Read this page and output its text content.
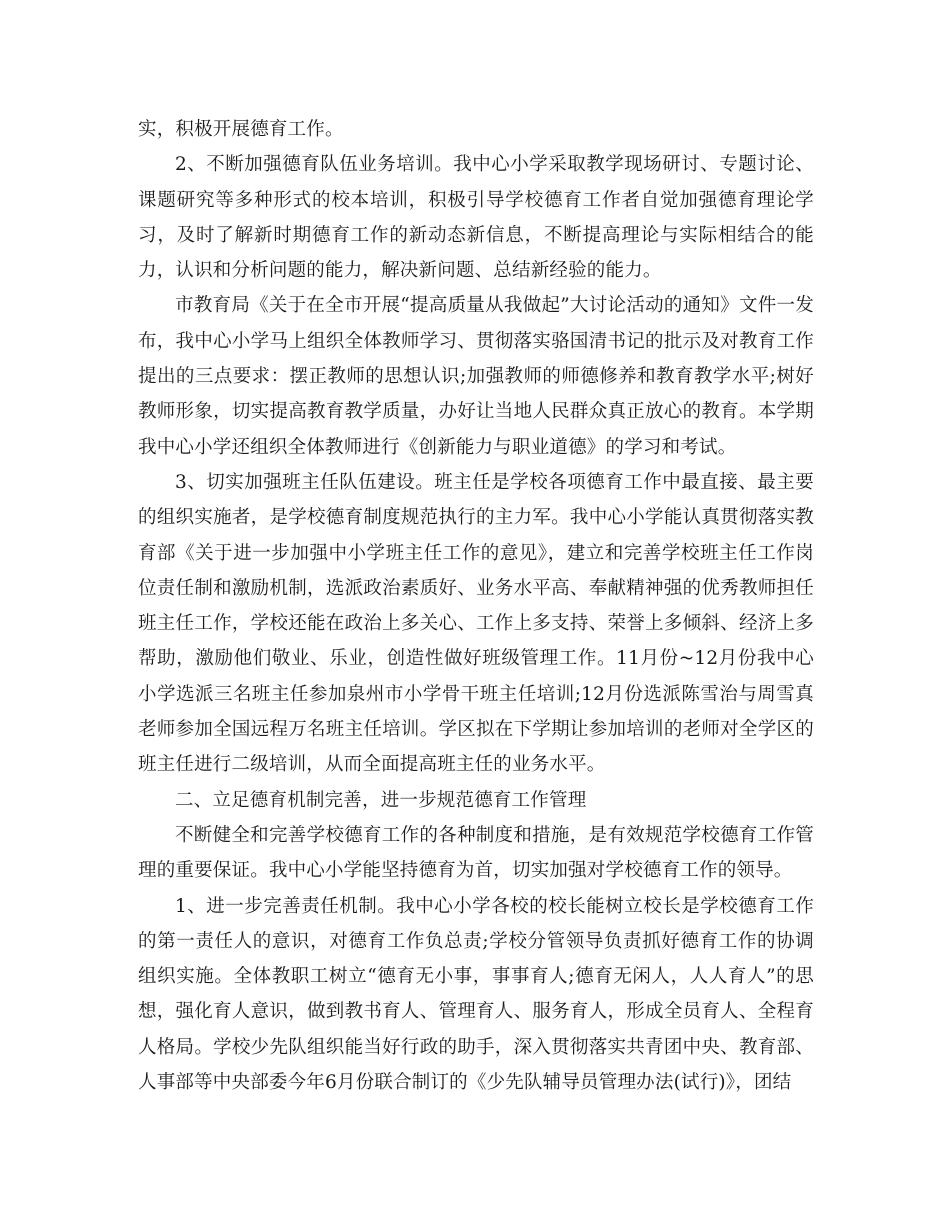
实，积极开展德育工作。

2、不断加强德育队伍业务培训。我中心小学采取教学现场研讨、专题讨论、课题研究等多种形式的校本培训，积极引导学校德育工作者自觉加强德育理论学习，及时了解新时期德育工作的新动态新信息，不断提高理论与实际相结合的能力，认识和分析问题的能力，解决新问题、总结新经验的能力。

市教育局《关于在全市开展“提高质量从我做起”大讨论活动的通知》文件一发布，我中心小学马上组织全体教师学习、贯彻落实骆国清书记的批示及对教育工作提出的三点要求：摆正教师的思想认识;加强教师的师德修养和教育教学水平;树好教师形象，切实提高教育教学质量，办好让当地人民群众真正放心的教育。本学期我中心小学还组织全体教师进行《创新能力与职业道德》的学习和考试。

3、切实加强班主任队伍建设。班主任是学校各项德育工作中最直接、最主要的组织实施者，是学校德育制度规范执行的主力军。我中心小学能认真贯彻落实教育部《关于进一步加强中小学班主任工作的意见》，建立和完善学校班主任工作岗位责任制和激励机制，选派政治素质好、业务水平高、奉献精神强的优秀教师担任班主任工作，学校还能在政治上多关心、工作上多支持、荣誉上多倾斜、经济上多帮助，激励他们敬业、乐业，创造性做好班级管理工作。11月份~12月份我中心小学选派三名班主任参加泉州市小学骨干班主任培训;12月份选派陈雪治与周雪真老师参加全国远程万名班主任培训。学区拟在下学期让参加培训的老师对全学区的班主任进行二级培训，从而全面提高班主任的业务水平。

二、立足德育机制完善，进一步规范德育工作管理

不断健全和完善学校德育工作的各种制度和措施，是有效规范学校德育工作管理的重要保证。我中心小学能坚持德育为首，切实加强对学校德育工作的领导。

1、进一步完善责任机制。我中心小学各校的校长能树立校长是学校德育工作的第一责任人的意识，对德育工作负总责;学校分管领导负责抓好德育工作的协调组织实施。全体教职工树立“德育无小事，事事育人;德育无闲人，人人育人”的思想，强化育人意识，做到教书育人、管理育人、服务育人，形成全员育人、全程育人格局。学校少先队组织能当好行政的助手，深入贯彻落实共青团中央、教育部、人事部等中央部委今年6月份联合制订的《少先队辅导员管理办法(试行)》，团结
